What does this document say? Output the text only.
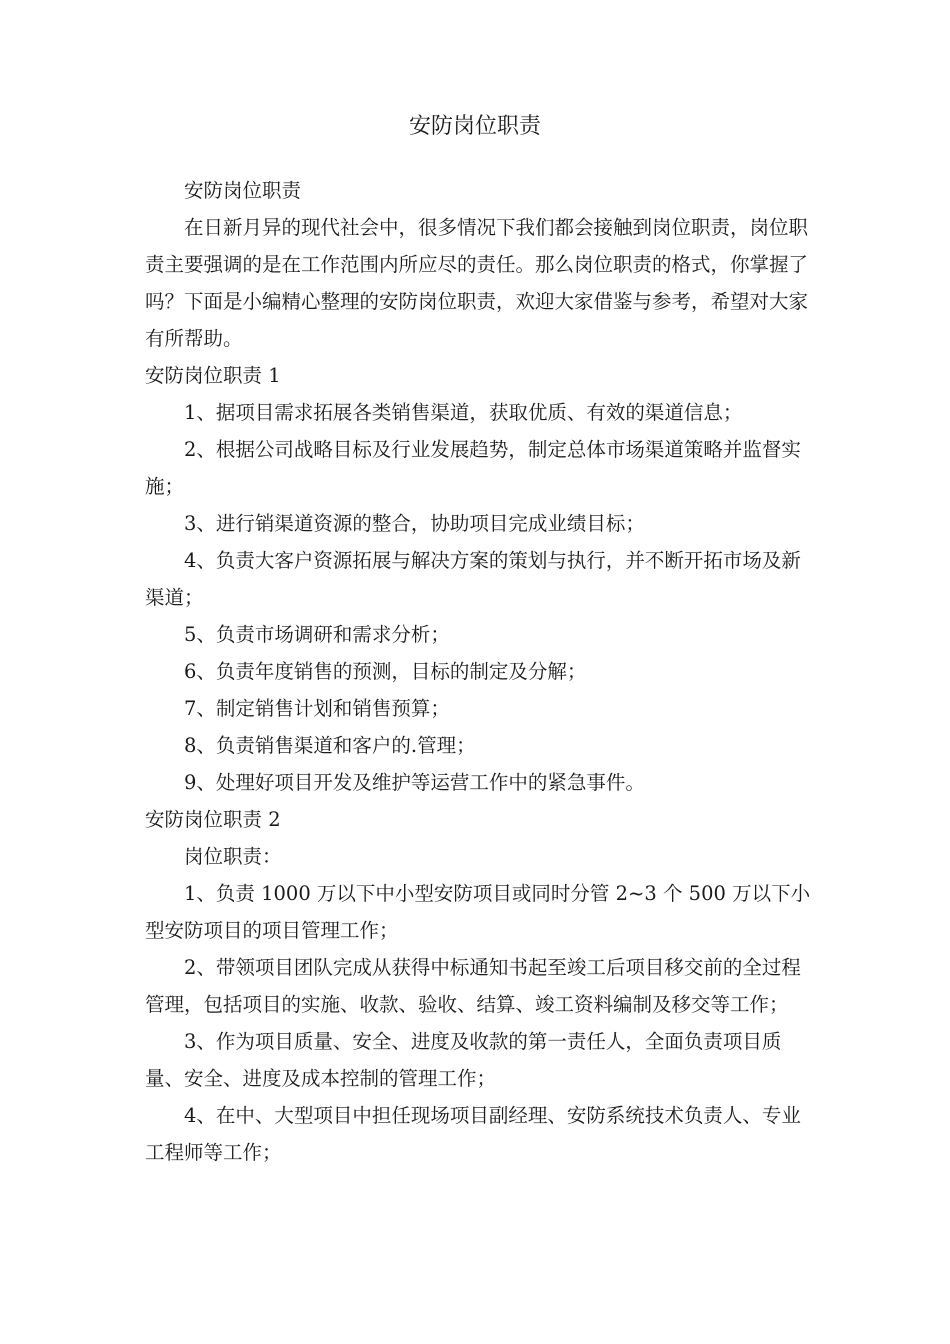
安防岗位职责

安防岗位职责

在日新月异的现代社会中，很多情况下我们都会接触到岗位职责，岗位职责主要强调的是在工作范围内所应尽的责任。那么岗位职责的格式，你掌握了吗？下面是小编精心整理的安防岗位职责，欢迎大家借鉴与参考，希望对大家有所帮助。

安防岗位职责 1

1、据项目需求拓展各类销售渠道，获取优质、有效的渠道信息；

2、根据公司战略目标及行业发展趋势，制定总体市场渠道策略并监督实施；

3、进行销渠道资源的整合，协助项目完成业绩目标；

4、负责大客户资源拓展与解决方案的策划与执行，并不断开拓市场及新渠道；

5、负责市场调研和需求分析；

6、负责年度销售的预测，目标的制定及分解；

7、制定销售计划和销售预算；

8、负责销售渠道和客户的.管理；

9、处理好项目开发及维护等运营工作中的紧急事件。

安防岗位职责 2

岗位职责：

1、负责 1000 万以下中小型安防项目或同时分管 2~3 个 500 万以下小型安防项目的项目管理工作；

2、带领项目团队完成从获得中标通知书起至竣工后项目移交前的全过程管理，包括项目的实施、收款、验收、结算、竣工资料编制及移交等工作；

3、作为项目质量、安全、进度及收款的第一责任人，全面负责项目质量、安全、进度及成本控制的管理工作；

4、在中、大型项目中担任现场项目副经理、安防系统技术负责人、专业工程师等工作；
